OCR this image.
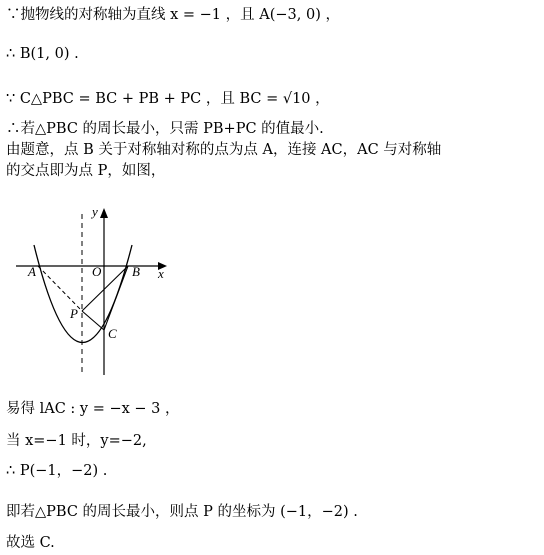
∵抛物线的对称轴为直线 x = −1 ，且 A(−3, 0) ，
∴ B(1, 0) .
∵ C△PBC = BC + PB + PC ，且 BC = √10 ，
∴若△PBC 的周长最小，只需 PB+PC 的值最小.
由题意，点 B 关于对称轴对称的点为点 A，连接 AC，AC 与对称轴
的交点即为点 P，如图，
易得 lAC : y = −x − 3 ，
当 x=−1 时，y=−2,
∴ P(−1，−2) .
即若△PBC 的周长最小，则点 P 的坐标为 (−1，−2) .
故选 C.
A	B
O
P
C
x
y
